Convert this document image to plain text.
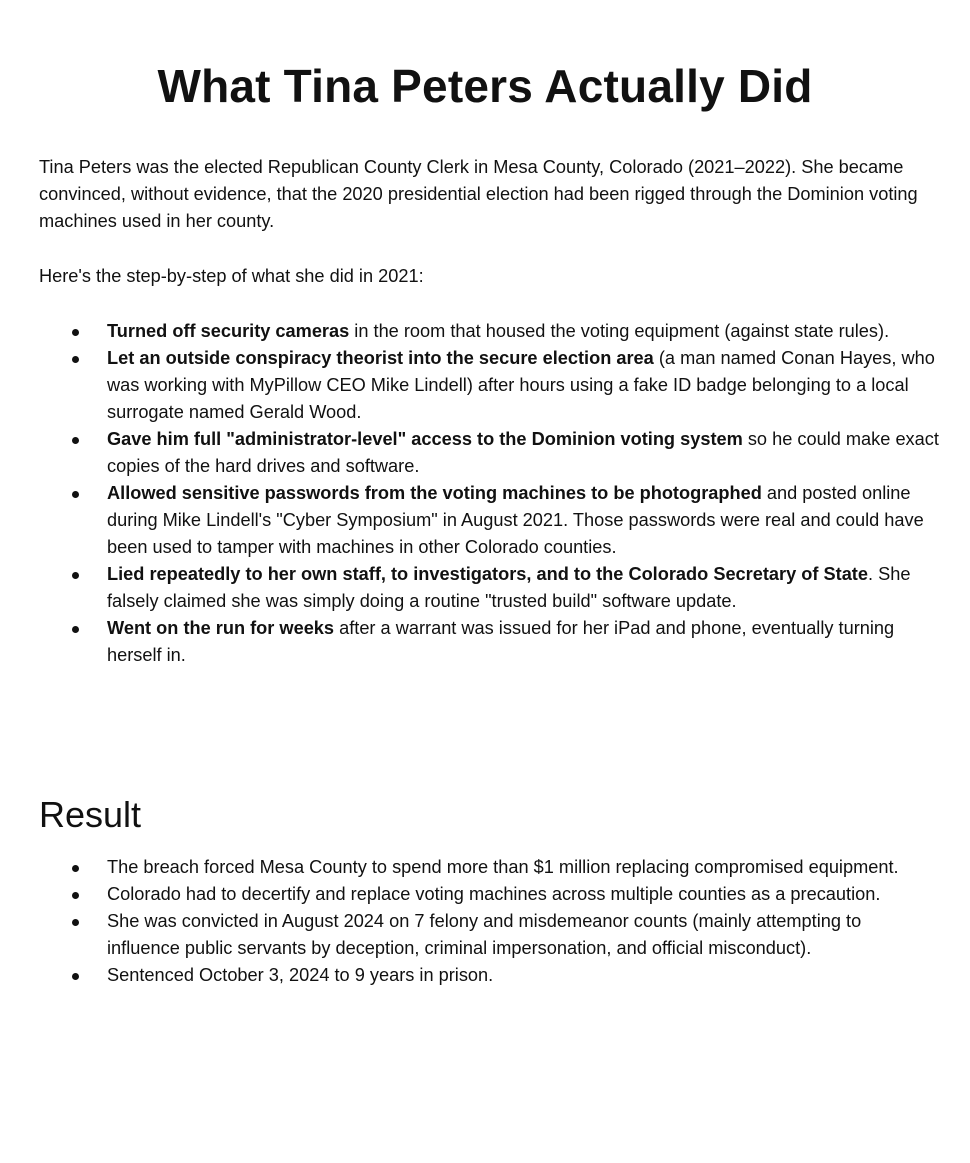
What Tina Peters Actually Did

Tina Peters was the elected Republican County Clerk in Mesa County, Colorado (2021–2022). She became convinced, without evidence, that the 2020 presidential election had been rigged through the Dominion voting machines used in her county.

Here's the step-by-step of what she did in 2021:

Turned off security cameras in the room that housed the voting equipment (against state rules).
Let an outside conspiracy theorist into the secure election area (a man named Conan Hayes, who was working with MyPillow CEO Mike Lindell) after hours using a fake ID badge belonging to a local surrogate named Gerald Wood.
Gave him full "administrator-level" access to the Dominion voting system so he could make exact copies of the hard drives and software.
Allowed sensitive passwords from the voting machines to be photographed and posted online during Mike Lindell's "Cyber Symposium" in August 2021. Those passwords were real and could have been used to tamper with machines in other Colorado counties.
Lied repeatedly to her own staff, to investigators, and to the Colorado Secretary of State. She falsely claimed she was simply doing a routine "trusted build" software update.
Went on the run for weeks after a warrant was issued for her iPad and phone, eventually turning herself in.
Result
The breach forced Mesa County to spend more than $1 million replacing compromised equipment.
Colorado had to decertify and replace voting machines across multiple counties as a precaution.
She was convicted in August 2024 on 7 felony and misdemeanor counts (mainly attempting to influence public servants by deception, criminal impersonation, and official misconduct).
Sentenced October 3, 2024 to 9 years in prison.
